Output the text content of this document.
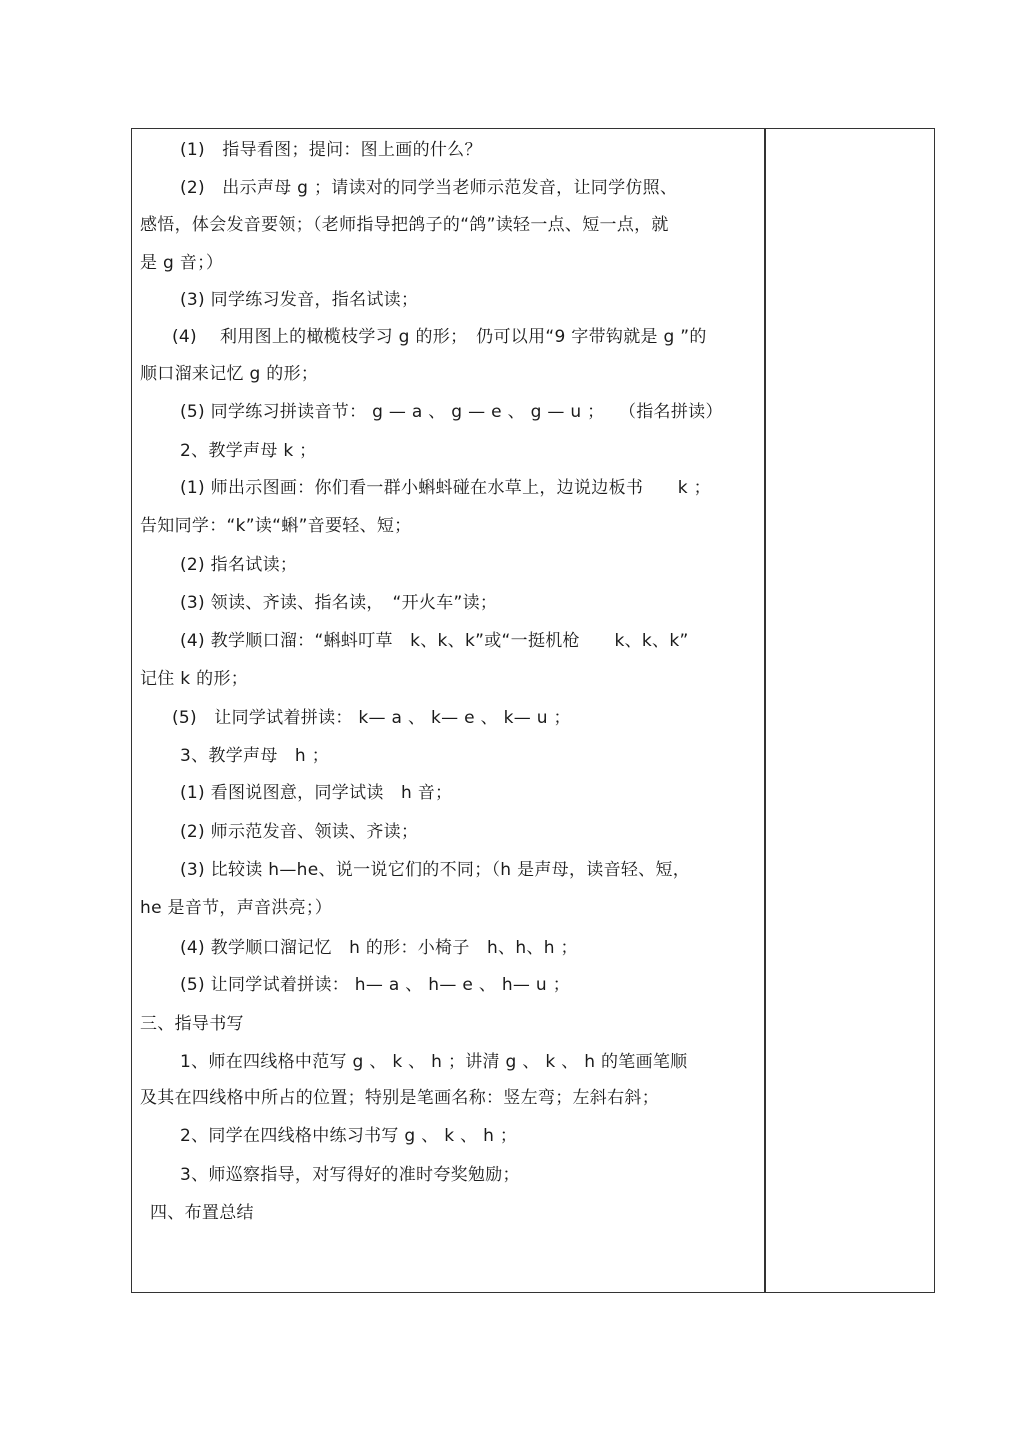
(1)　指导看图；提问：图上画的什么？
(2)　出示声母 g ；请读对的同学当老师示范发音，让同学仿照、
感悟，体会发音要领；（老师指导把鸽子的“鸽”读轻一点、短一点，就
是 g 音；）
(3) 同学练习发音，指名试读；
(4)　 利用图上的橄榄枝学习 g 的形；　仍可以用“9 字带钩就是 g ”的
顺口溜来记忆 g 的形；
(5) 同学练习拼读音节： g — a 、 g — e 、 g — u ；　 （指名拼读）
2、教学声母 k ；
(1) 师出示图画：你们看一群小蝌蚪碰在水草上，边说边板书　　k ；
告知同学：“k”读“蝌”音要轻、短；
(2) 指名试读；
(3) 领读、齐读、指名读，　“开火车”读；
(4) 教学顺口溜：“蝌蚪叮草　k、k、k”或“一挺机枪　　k、k、k”
记住 k 的形；
(5)　让同学试着拼读： k— a 、 k— e 、 k— u ；
3、教学声母　h ；
(1) 看图说图意，同学试读　h 音；
(2) 师示范发音、领读、齐读；
(3) 比较读 h—he、说一说它们的不同；（h 是声母，读音轻、短，
he 是音节，声音洪亮；）
(4) 教学顺口溜记忆　h 的形：小椅子　h、h、h ；
(5) 让同学试着拼读： h— a 、 h— e 、 h— u ；
三、指导书写
1、师在四线格中范写 g 、 k 、 h ；讲清 g 、 k 、 h 的笔画笔顺
及其在四线格中所占的位置；特别是笔画名称：竖左弯；左斜右斜；
2、同学在四线格中练习书写 g 、 k 、 h ；
3、师巡察指导，对写得好的准时夸奖勉励；
四、布置总结
